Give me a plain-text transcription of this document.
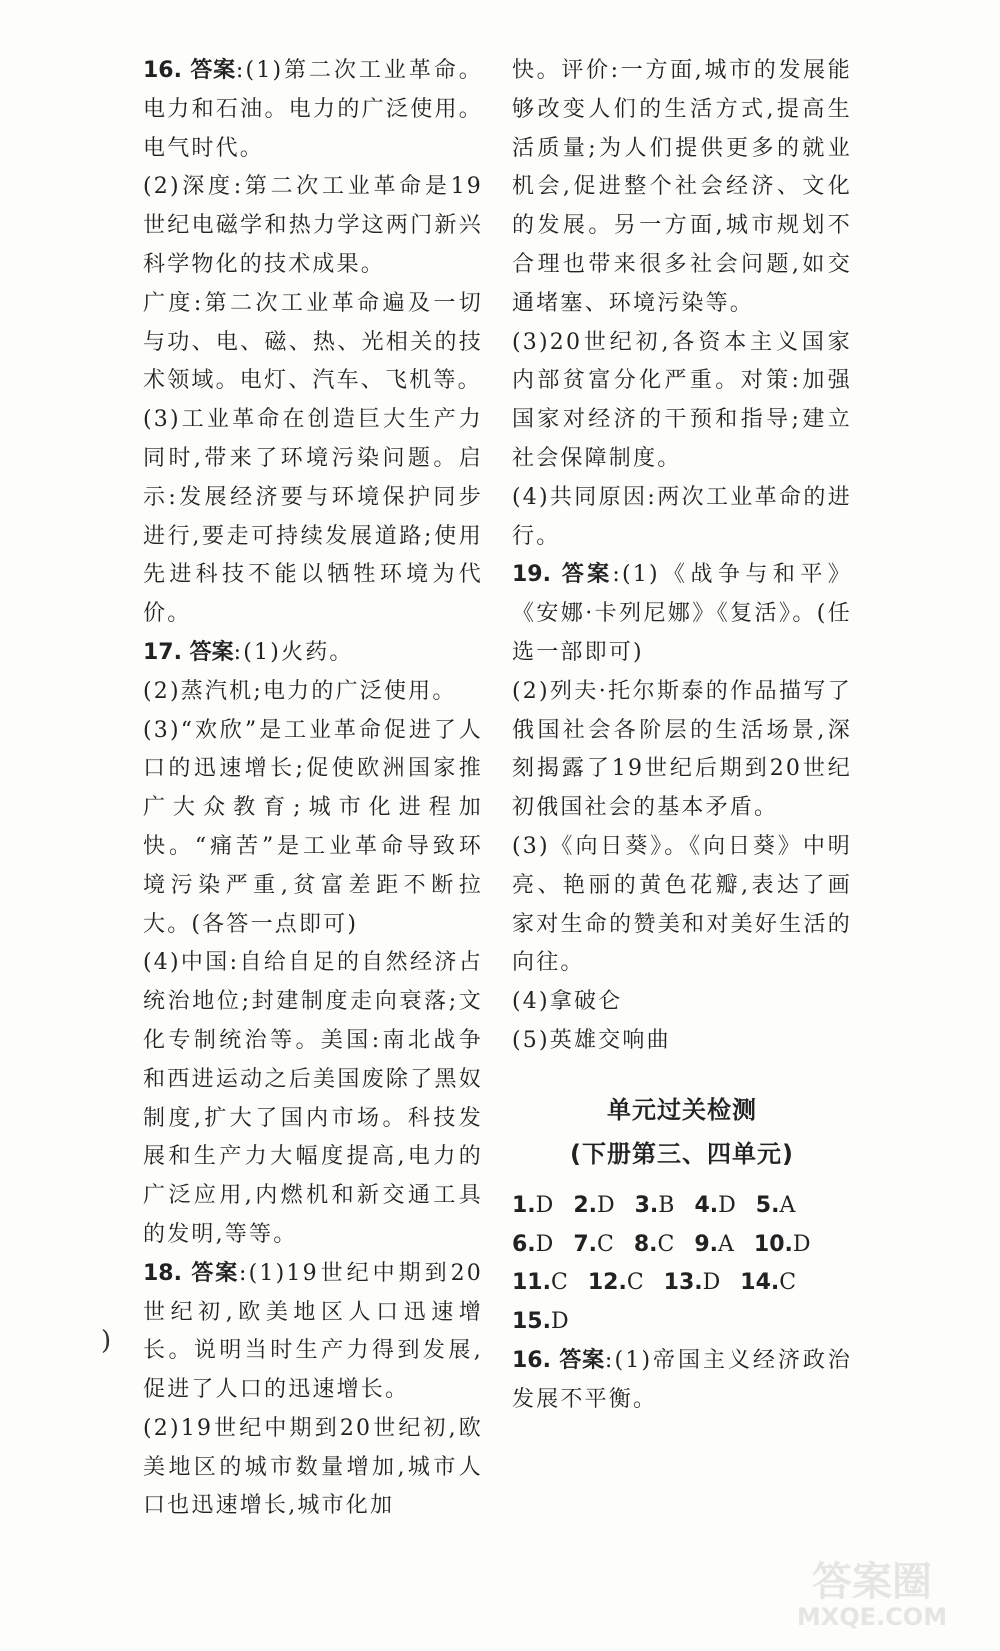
16. 答案:(1)第二次工业革命。电力和石油。电力的广泛使用。电气时代。

(2)深度:第二次工业革命是19世纪电磁学和热力学这两门新兴科学物化的技术成果。

广度:第二次工业革命遍及一切与功、电、磁、热、光相关的技术领域。电灯、汽车、飞机等。

(3)工业革命在创造巨大生产力同时,带来了环境污染问题。启示:发展经济要与环境保护同步进行,要走可持续发展道路;使用先进科技不能以牺牲环境为代价。

17. 答案:(1)火药。

(2)蒸汽机;电力的广泛使用。

(3)“欢欣”是工业革命促进了人口的迅速增长;促使欧洲国家推广大众教育;城市化进程加快。“痛苦”是工业革命导致环境污染严重,贫富差距不断拉大。(各答一点即可)

(4)中国:自给自足的自然经济占统治地位;封建制度走向衰落;文化专制统治等。美国:南北战争和西进运动之后美国废除了黑奴制度,扩大了国内市场。科技发展和生产力大幅度提高,电力的广泛应用,内燃机和新交通工具的发明,等等。

18. 答案:(1)19世纪中期到20世纪初,欧美地区人口迅速增长。说明当时生产力得到发展,促进了人口的迅速增长。

(2)19世纪中期到20世纪初,欧美地区的城市数量增加,城市人口也迅速增长,城市化加

快。评价:一方面,城市的发展能够改变人们的生活方式,提高生活质量;为人们提供更多的就业机会,促进整个社会经济、文化的发展。另一方面,城市规划不合理也带来很多社会问题,如交通堵塞、环境污染等。

(3)20世纪初,各资本主义国家内部贫富分化严重。对策:加强国家对经济的干预和指导;建立社会保障制度。

(4)共同原因:两次工业革命的进行。

19. 答案:(1)《战争与和平》《安娜·卡列尼娜》《复活》。(任选一部即可)

(2)列夫·托尔斯泰的作品描写了俄国社会各阶层的生活场景,深刻揭露了19世纪后期到20世纪初俄国社会的基本矛盾。

(3)《向日葵》。《向日葵》中明亮、艳丽的黄色花瓣,表达了画家对生命的赞美和对美好生活的向往。

(4)拿破仑

(5)英雄交响曲

单元过关检测
(下册第三、四单元)
1.D 2.D 3.B 4.D 5.A
6.D 7.C 8.C 9.A 10.D
11.C 12.C 13.D 14.C
15.D

16. 答案:(1)帝国主义经济政治发展不平衡。

)
答案圈
MXQE.COM
